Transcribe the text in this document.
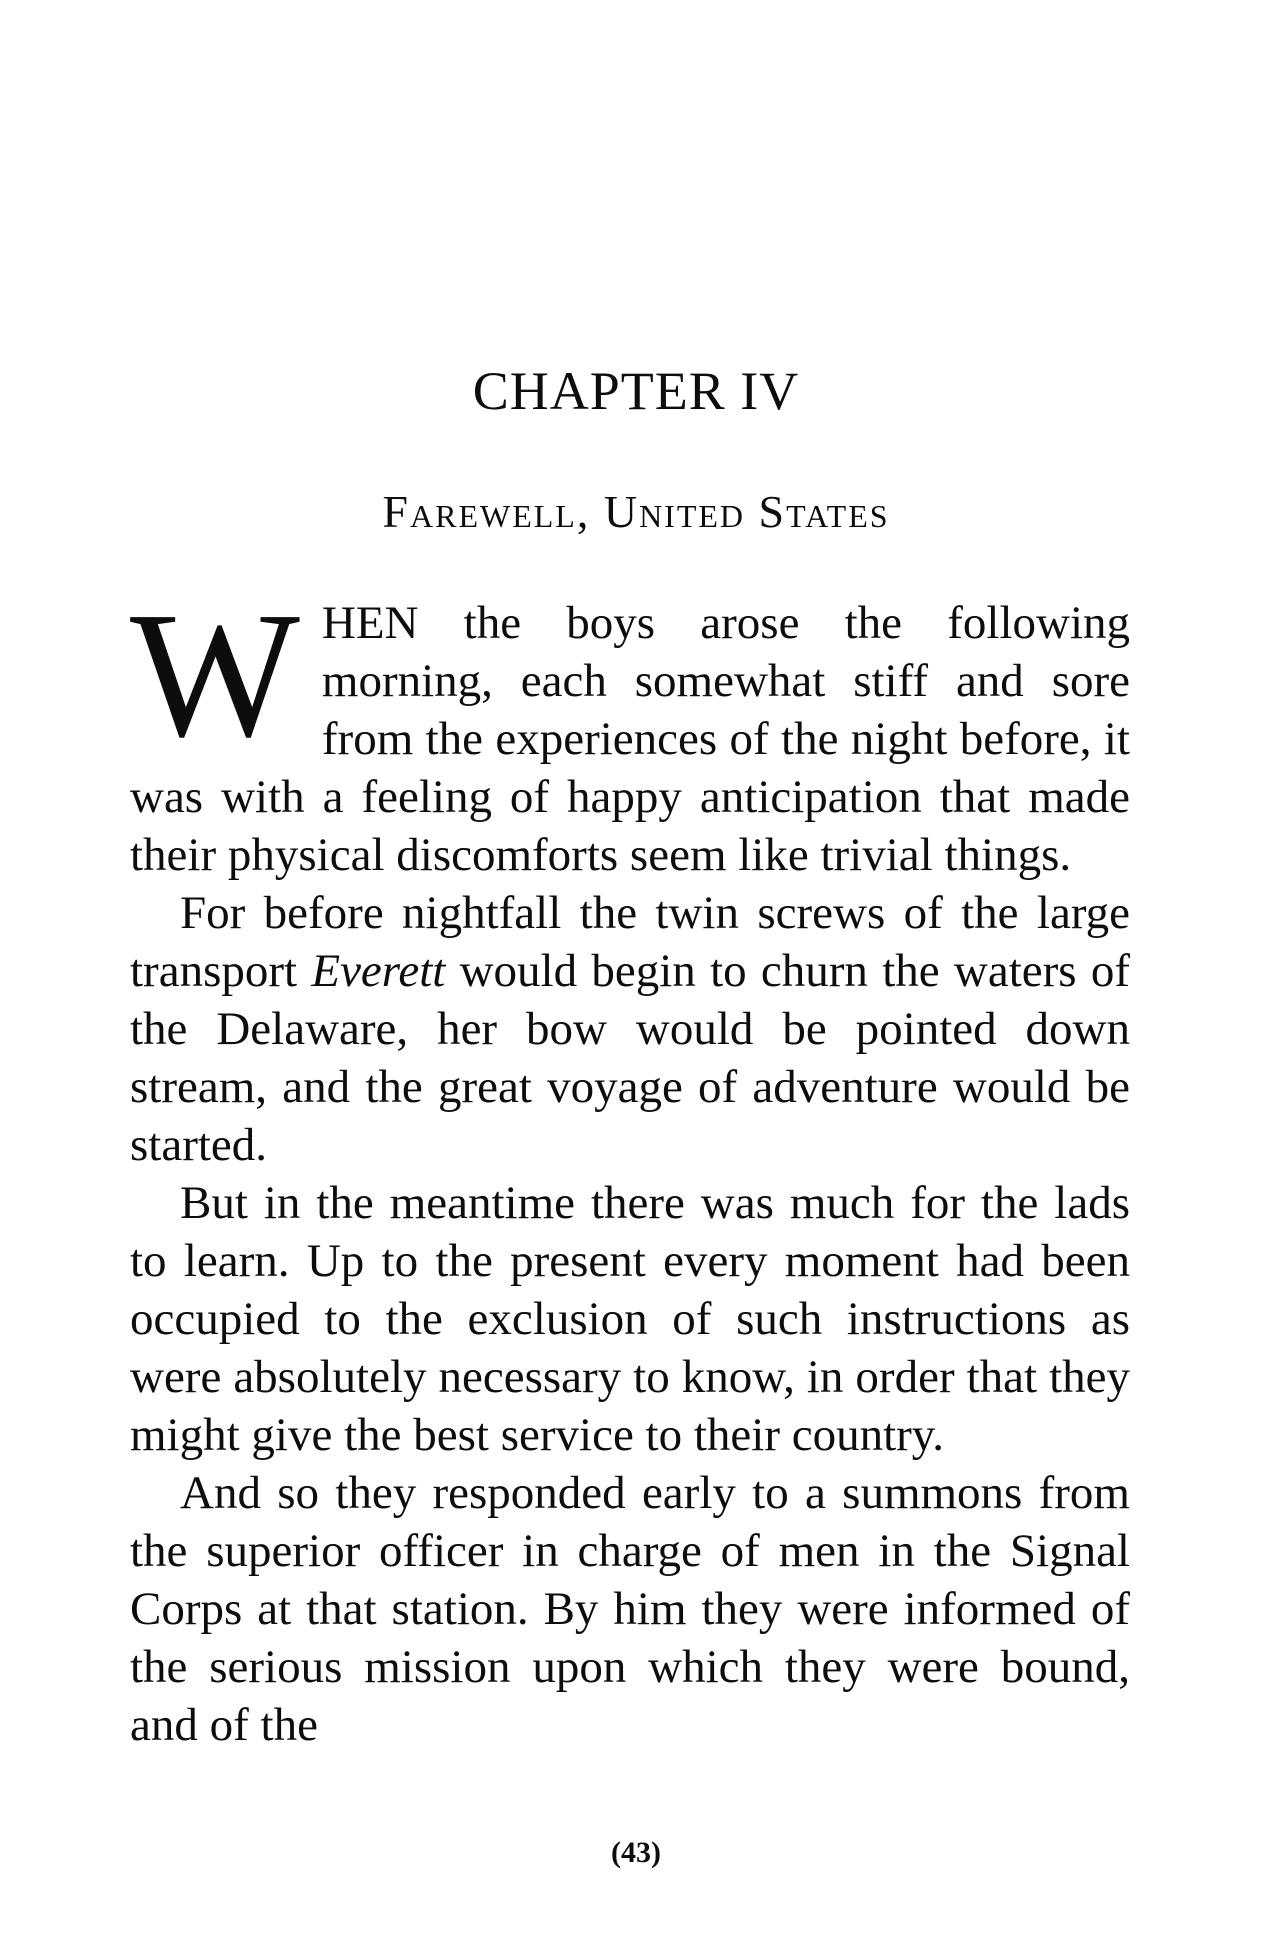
CHAPTER IV
Farewell, United States

WHEN the boys arose the following morning, each somewhat stiff and sore from the experiences of the night before, it was with a feeling of happy anticipation that made their physical discomforts seem like trivial things.

For before nightfall the twin screws of the large transport Everett would begin to churn the waters of the Delaware, her bow would be pointed down stream, and the great voyage of adventure would be started.

But in the meantime there was much for the lads to learn. Up to the present every moment had been occupied to the exclusion of such instructions as were absolutely necessary to know, in order that they might give the best service to their country.

And so they responded early to a summons from the superior officer in charge of men in the Signal Corps at that station. By him they were informed of the serious mission upon which they were bound, and of the

(43)
